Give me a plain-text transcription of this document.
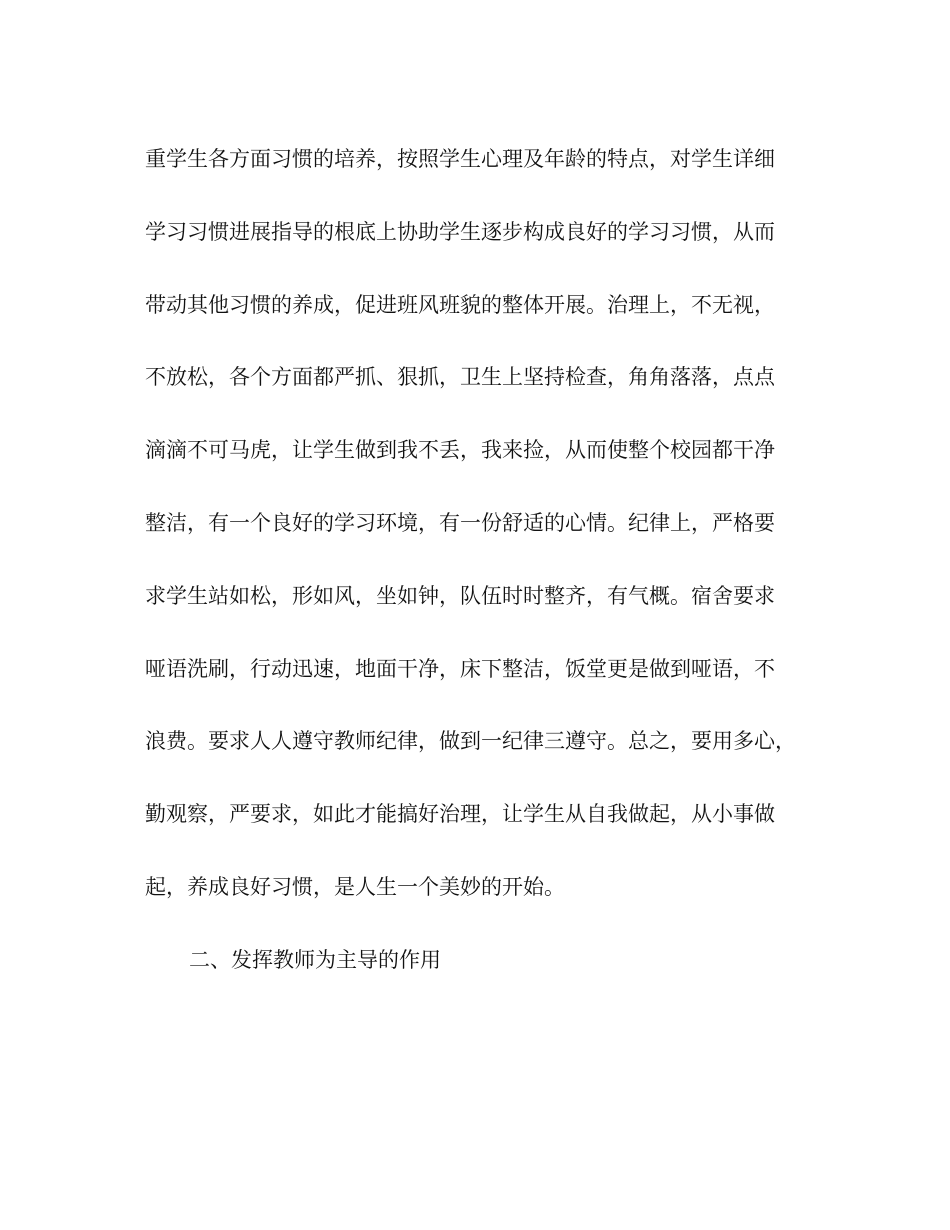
重学生各方面习惯的培养，按照学生心理及年龄的特点，对学生详细
学习习惯进展指导的根底上协助学生逐步构成良好的学习习惯，从而
带动其他习惯的养成，促进班风班貌的整体开展。治理上，不无视，
不放松，各个方面都严抓、狠抓，卫生上坚持检查，角角落落，点点
滴滴不可马虎，让学生做到我不丢，我来捡，从而使整个校园都干净
整洁，有一个良好的学习环境，有一份舒适的心情。纪律上，严格要
求学生站如松，形如风，坐如钟，队伍时时整齐，有气概。宿舍要求
哑语洗刷，行动迅速，地面干净，床下整洁，饭堂更是做到哑语，不
浪费。要求人人遵守教师纪律，做到一纪律三遵守。总之，要用多心，
勤观察，严要求，如此才能搞好治理，让学生从自我做起，从小事做
起，养成良好习惯，是人生一个美妙的开始。
二、发挥教师为主导的作用
